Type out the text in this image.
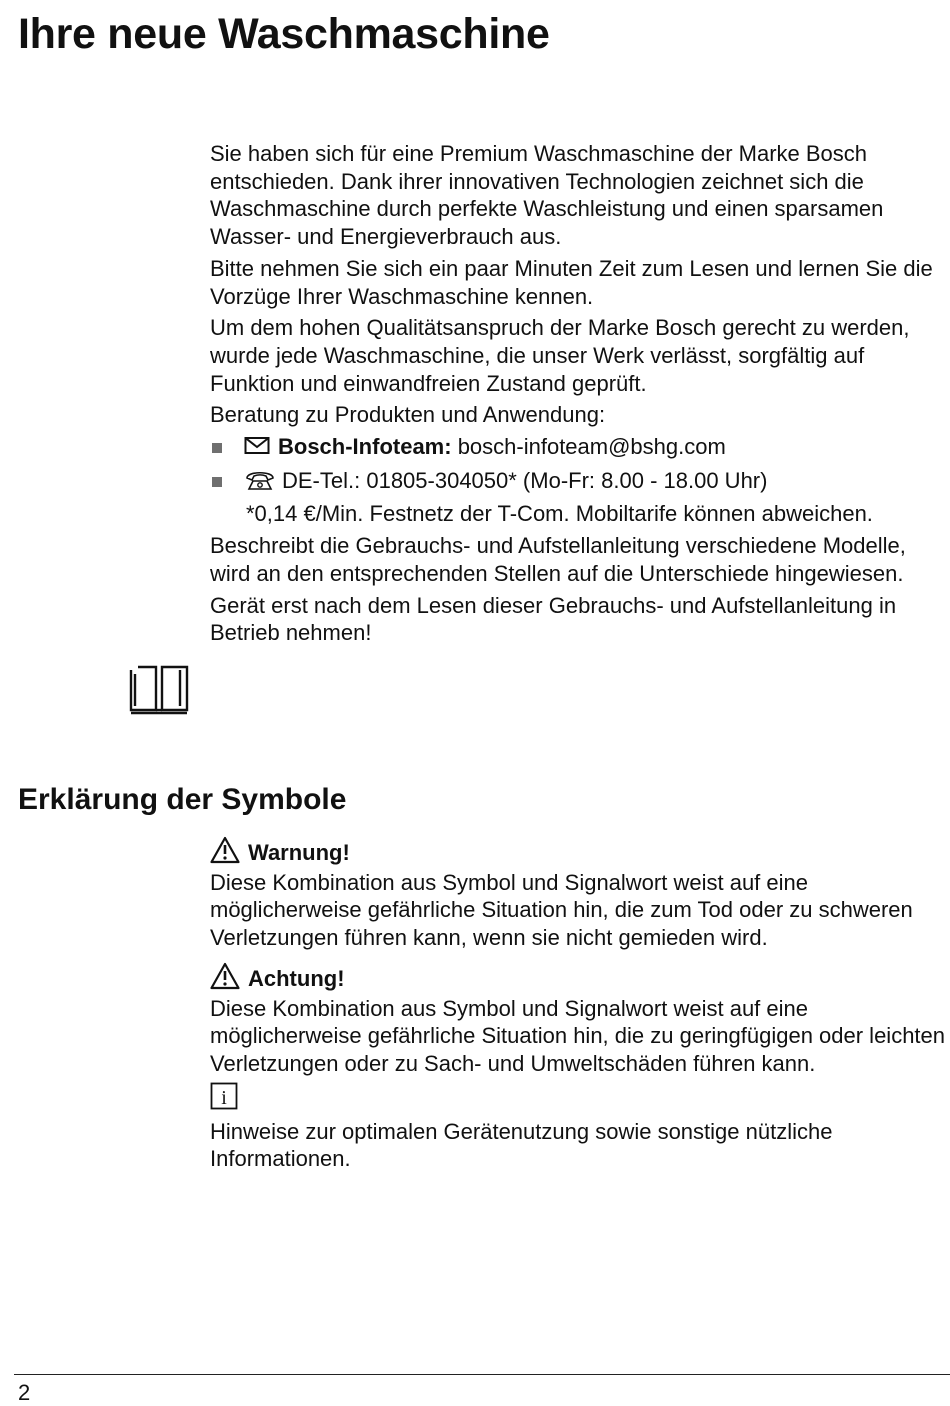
Ihre neue Waschmaschine

Sie haben sich für eine Premium Waschmaschine der Marke Bosch entschieden. Dank ihrer innovativen Technologien zeichnet sich die Waschmaschine durch perfekte Waschleistung und einen sparsamen Wasser- und Energieverbrauch aus.

Bitte nehmen Sie sich ein paar Minuten Zeit zum Lesen und lernen Sie die Vorzüge Ihrer Waschmaschine kennen.

Um dem hohen Qualitätsanspruch der Marke Bosch gerecht zu werden, wurde jede Waschmaschine, die unser Werk verlässt, sorgfältig auf Funktion und einwandfreien Zustand geprüft.

Beratung zu Produkten und Anwendung:

Bosch-Infoteam: bosch-infoteam@bshg.com
DE-Tel.: 01805-304050* (Mo-Fr: 8.00 - 18.00 Uhr)

*0,14 €/Min. Festnetz der T-Com. Mobiltarife können abweichen.

Beschreibt die Gebrauchs- und Aufstellanleitung verschiedene Modelle, wird an den entsprechenden Stellen auf die Unterschiede hingewiesen.

Gerät erst nach dem Lesen dieser Gebrauchs- und Aufstellanleitung in Betrieb nehmen!

Erklärung der Symbole
Warnung!

Diese Kombination aus Symbol und Signalwort weist auf eine möglicherweise gefährliche Situation hin, die zum Tod oder zu schweren Verletzungen führen kann, wenn sie nicht gemieden wird.

Achtung!

Diese Kombination aus Symbol und Signalwort weist auf eine möglicherweise gefährliche Situation hin, die zu geringfügigen oder leichten Verletzungen oder zu Sach- und Umweltschäden führen kann.

i

Hinweise zur optimalen Gerätenutzung sowie sonstige nützliche Informationen.

2
